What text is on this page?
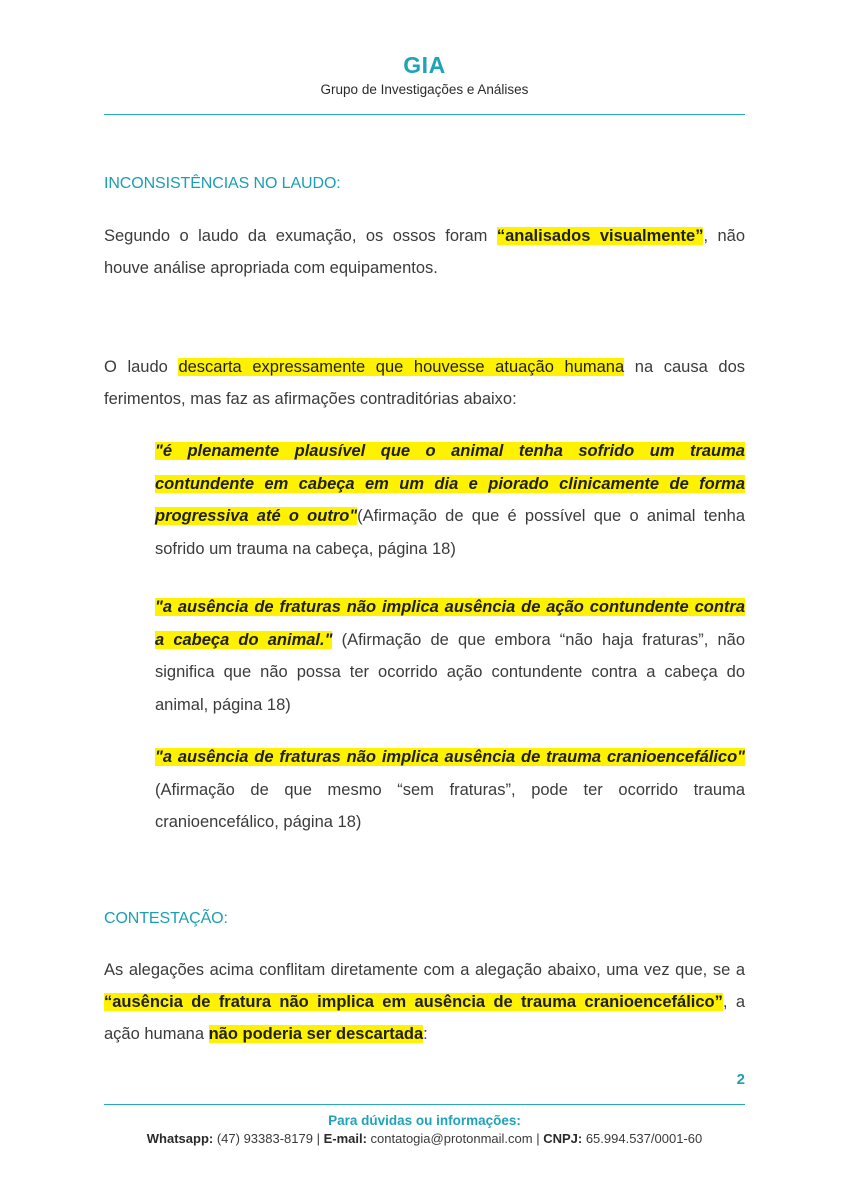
GIA
Grupo de Investigações e Análises
INCONSISTÊNCIAS NO LAUDO:
Segundo o laudo da exumação, os ossos foram “analisados visualmente”, não houve análise apropriada com equipamentos.
O laudo descarta expressamente que houvesse atuação humana na causa dos ferimentos, mas faz as afirmações contraditórias abaixo:
"é plenamente plausível que o animal tenha sofrido um trauma contundente em cabeça em um dia e piorado clinicamente de forma progressiva até o outro"(Afirmação de que é possível que o animal tenha sofrido um trauma na cabeça, página 18)
"a ausência de fraturas não implica ausência de ação contundente contra a cabeça do animal." (Afirmação de que embora “não haja fraturas”, não significa que não possa ter ocorrido ação contundente contra a cabeça do animal, página 18)
"a ausência de fraturas não implica ausência de trauma cranioencefálico" (Afirmação de que mesmo “sem fraturas”, pode ter ocorrido trauma cranioencefálico, página 18)
CONTESTAÇÃO:
As alegações acima conflitam diretamente com a alegação abaixo, uma vez que, se a “ausência de fratura não implica em ausência de trauma cranioencefálico”, a ação humana não poderia ser descartada:
2
Para dúvidas ou informações:
Whatsapp: (47) 93383-8179 | E-mail: contatogia@protonmail.com | CNPJ: 65.994.537/0001-60
